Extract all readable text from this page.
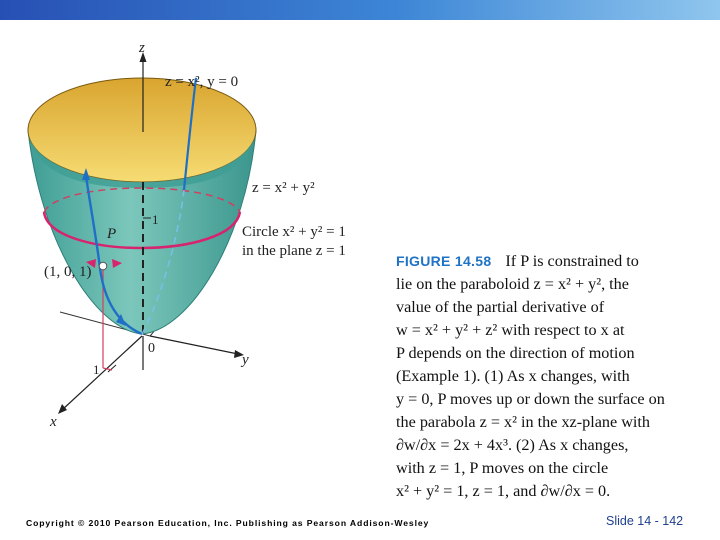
z
y
x
0
1
1
z = x², y = 0
z = x² + y²
Circle x² + y² = 1
in the plane z = 1
P
(1, 0, 1)
FIGURE 14.58 If P is constrained to
lie on the paraboloid z = x² + y², the
value of the partial derivative of
w = x² + y² + z² with respect to x at
P depends on the direction of motion
(Example 1). (1) As x changes, with
y = 0, P moves up or down the surface on
the parabola z = x² in the xz-plane with
∂w/∂x = 2x + 4x³. (2) As x changes,
with z = 1, P moves on the circle
x² + y² = 1, z = 1, and ∂w/∂x = 0.
Copyright © 2010 Pearson Education, Inc. Publishing as Pearson Addison-Wesley	Slide 14 - 142
